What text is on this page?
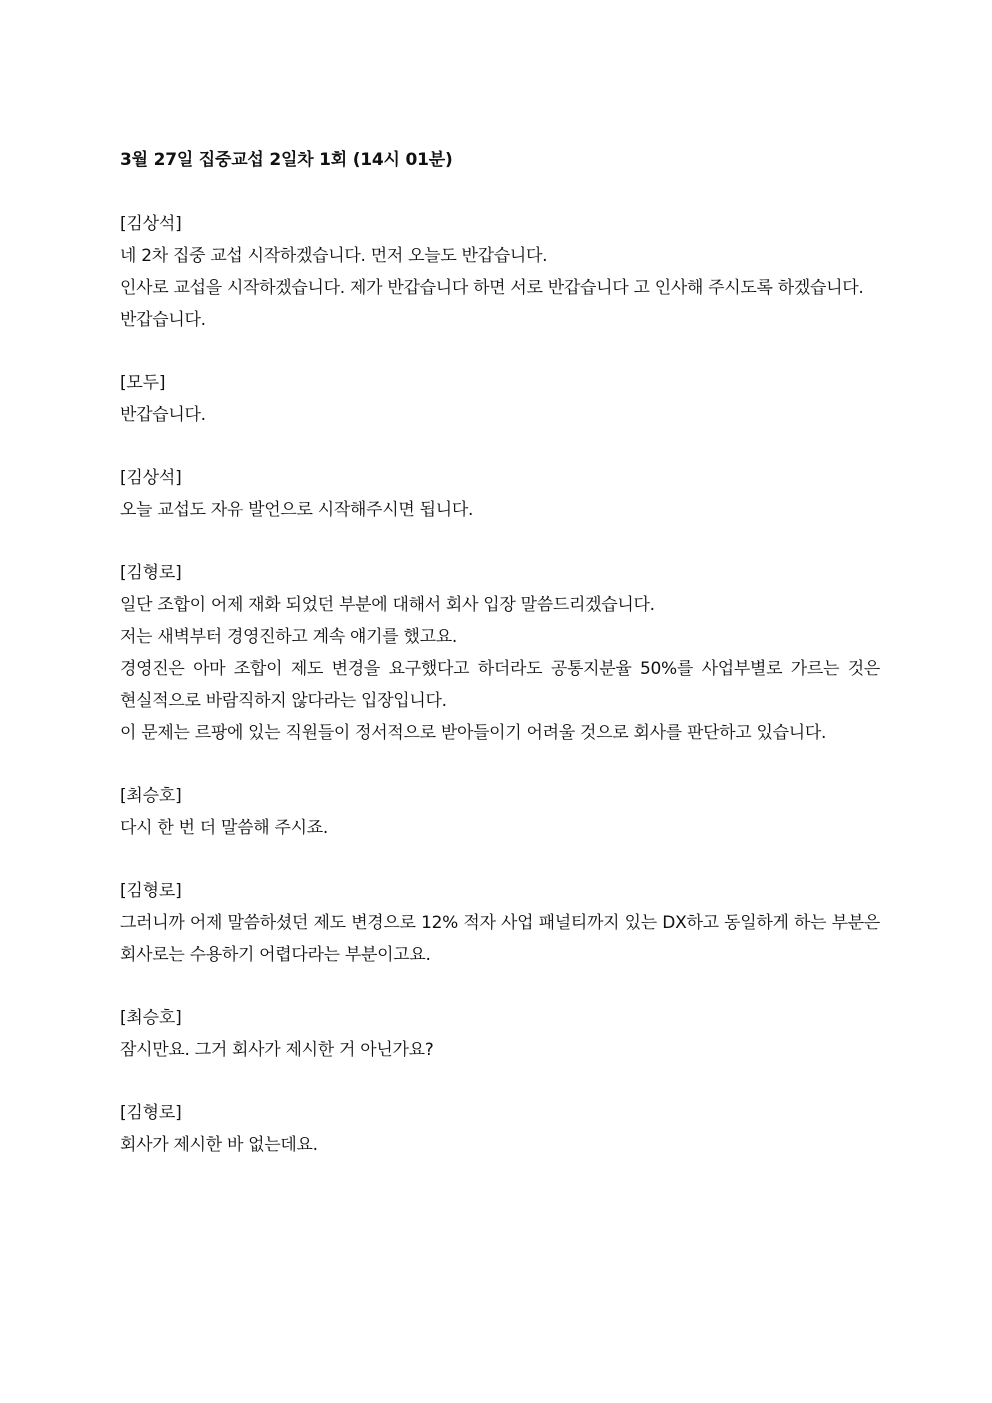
3월 27일 집중교섭 2일차 1회 (14시 01분)

[김상석]

네 2차 집중 교섭 시작하겠습니다. 먼저 오늘도 반갑습니다.

인사로 교섭을 시작하겠습니다. 제가 반갑습니다 하면 서로 반갑습니다 고 인사해 주시도록 하겠습니다.

반갑습니다.

[모두]

반갑습니다.

[김상석]

오늘 교섭도 자유 발언으로 시작해주시면 됩니다.

[김형로]

일단 조합이 어제 재화 되었던 부분에 대해서 회사 입장 말씀드리겠습니다.

저는 새벽부터 경영진하고 계속 얘기를 했고요.

경영진은 아마 조합이 제도 변경을 요구했다고 하더라도 공통지분율 50%를 사업부별로 가르는 것은 현실적으로 바람직하지 않다라는 입장입니다.

이 문제는 르팡에 있는 직원들이 정서적으로 받아들이기 어려울 것으로 회사를 판단하고 있습니다.

[최승호]

다시 한 번 더 말씀해 주시죠.

[김형로]

그러니까 어제 말씀하셨던 제도 변경으로 12% 적자 사업 패널티까지 있는 DX하고 동일하게 하는 부분은 회사로는 수용하기 어렵다라는 부분이고요.

[최승호]

잠시만요. 그거 회사가 제시한 거 아닌가요?

[김형로]

회사가 제시한 바 없는데요.
